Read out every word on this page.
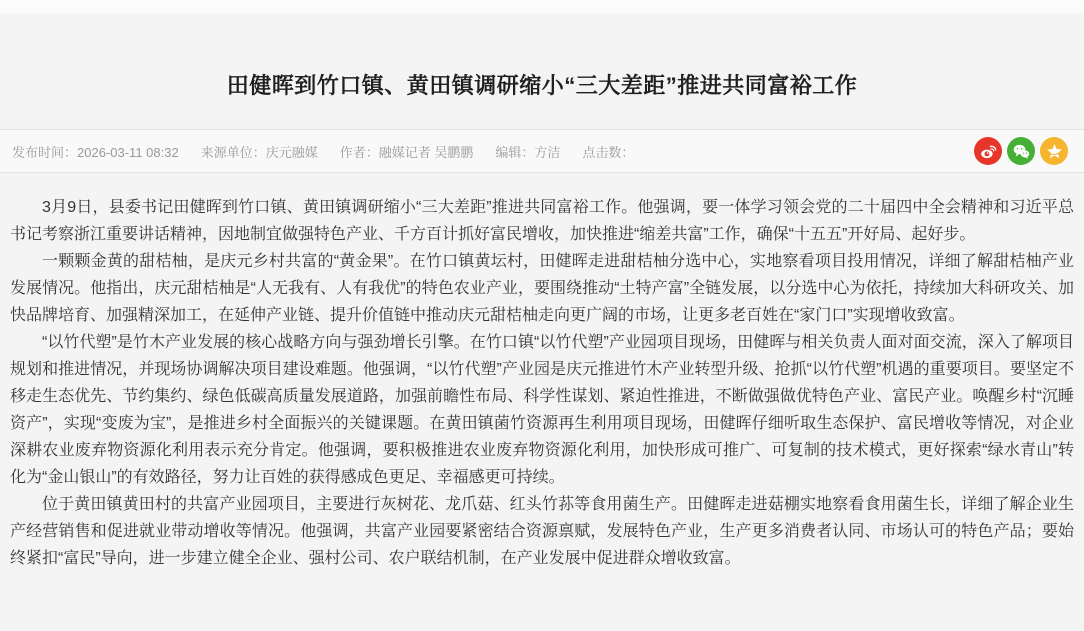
田健晖到竹口镇、黄田镇调研缩小“三大差距”推进共同富裕工作
发布时间：2026-03-11 08:32 来源单位：庆元融媒 作者：融媒记者 吴鹏鹏 编辑：方洁 点击数：

3月9日，县委书记田健晖到竹口镇、黄田镇调研缩小“三大差距”推进共同富裕工作。他强调，要一体学习领会党的二十届四中全会精神和习近平总书记考察浙江重要讲话精神，因地制宜做强特色产业、千方百计抓好富民增收，加快推进“缩差共富”工作，确保“十五五”开好局、起好步。

一颗颗金黄的甜桔柚，是庆元乡村共富的“黄金果”。在竹口镇黄坛村，田健晖走进甜桔柚分选中心，实地察看项目投用情况，详细了解甜桔柚产业发展情况。他指出，庆元甜桔柚是“人无我有、人有我优”的特色农业产业，要围绕推动“土特产富”全链发展，以分选中心为依托，持续加大科研攻关、加快品牌培育、加强精深加工，在延伸产业链、提升价值链中推动庆元甜桔柚走向更广阔的市场，让更多老百姓在“家门口”实现增收致富。

“以竹代塑”是竹木产业发展的核心战略方向与强劲增长引擎。在竹口镇“以竹代塑”产业园项目现场，田健晖与相关负责人面对面交流，深入了解项目规划和推进情况，并现场协调解决项目建设难题。他强调，“以竹代塑”产业园是庆元推进竹木产业转型升级、抢抓“以竹代塑”机遇的重要项目。要坚定不移走生态优先、节约集约、绿色低碳高质量发展道路，加强前瞻性布局、科学性谋划、紧迫性推进，不断做强做优特色产业、富民产业。唤醒乡村“沉睡资产”，实现“变废为宝”，是推进乡村全面振兴的关键课题。在黄田镇菌竹资源再生利用项目现场，田健晖仔细听取生态保护、富民增收等情况，对企业深耕农业废弃物资源化利用表示充分肯定。他强调，要积极推进农业废弃物资源化利用，加快形成可推广、可复制的技术模式，更好探索“绿水青山”转化为“金山银山”的有效路径，努力让百姓的获得感成色更足、幸福感更可持续。

位于黄田镇黄田村的共富产业园项目，主要进行灰树花、龙爪菇、红头竹荪等食用菌生产。田健晖走进菇棚实地察看食用菌生长，详细了解企业生产经营销售和促进就业带动增收等情况。他强调，共富产业园要紧密结合资源禀赋，发展特色产业，生产更多消费者认同、市场认可的特色产品；要始终紧扣“富民”导向，进一步建立健全企业、强村公司、农户联结机制，在产业发展中促进群众增收致富。
